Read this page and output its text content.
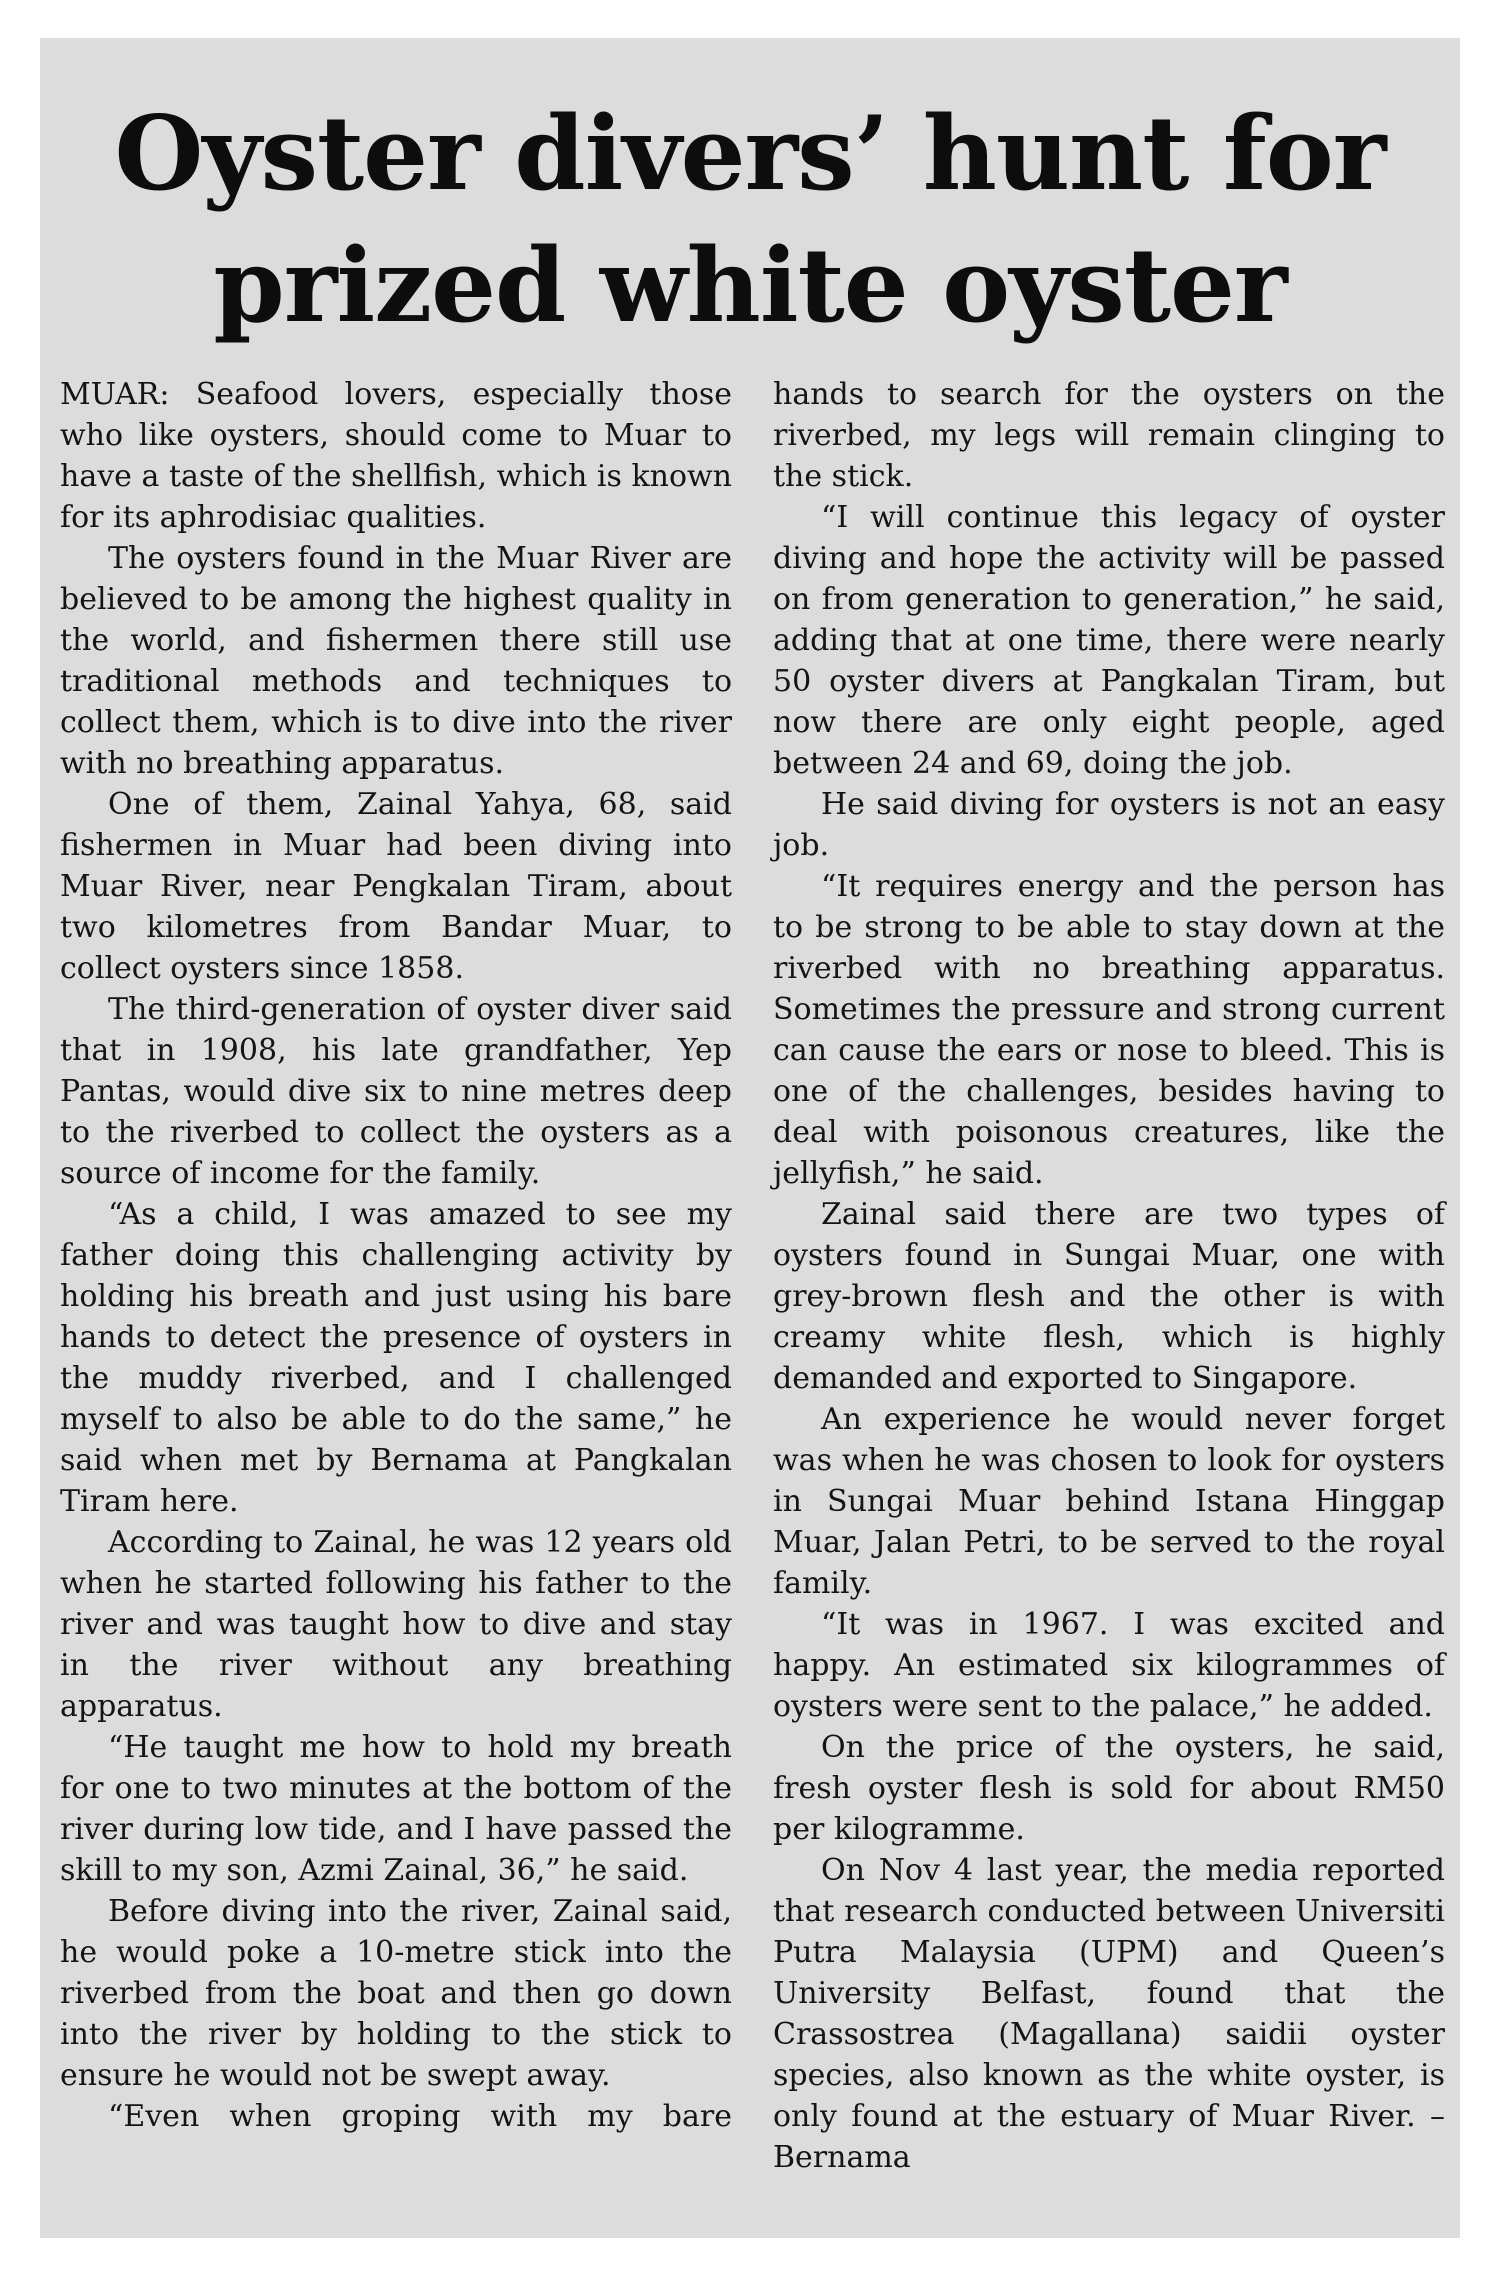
Oyster divers’ hunt for prized white oyster

MUAR: Seafood lovers, especially those who like oysters, should come to Muar to have a taste of the shellfish, which is known for its aphrodisiac qualities.

The oysters found in the Muar River are believed to be among the highest quality in the world, and fishermen there still use traditional methods and techniques to collect them, which is to dive into the river with no breathing apparatus.

One of them, Zainal Yahya, 68, said fishermen in Muar had been diving into Muar River, near Pengkalan Tiram, about two kilometres from Bandar Muar, to collect oysters since 1858.

The third-generation of oyster diver said that in 1908, his late grandfather, Yep Pantas, would dive six to nine metres deep to the riverbed to collect the oysters as a source of income for the family.

“As a child, I was amazed to see my father doing this challenging activity by holding his breath and just using his bare hands to detect the presence of oysters in the muddy riverbed, and I challenged myself to also be able to do the same,” he said when met by Bernama at Pangkalan Tiram here.

According to Zainal, he was 12 years old when he started following his father to the river and was taught how to dive and stay in the river without any breathing apparatus.

“He taught me how to hold my breath for one to two minutes at the bottom of the river during low tide, and I have passed the skill to my son, Azmi Zainal, 36,” he said.

Before diving into the river, Zainal said, he would poke a 10-metre stick into the riverbed from the boat and then go down into the river by holding to the stick to ensure he would not be swept away.

“Even when groping with my bare

hands to search for the oysters on the riverbed, my legs will remain clinging to the stick.

“I will continue this legacy of oyster diving and hope the activity will be passed on from generation to generation,” he said, adding that at one time, there were nearly 50 oyster divers at Pangkalan Tiram, but now there are only eight people, aged between 24 and 69, doing the job.

He said diving for oysters is not an easy job.

“It requires energy and the person has to be strong to be able to stay down at the riverbed with no breathing apparatus. Sometimes the pressure and strong current can cause the ears or nose to bleed. This is one of the challenges, besides having to deal with poisonous creatures, like the jellyfish,” he said.

Zainal said there are two types of oysters found in Sungai Muar, one with grey-brown flesh and the other is with creamy white flesh, which is highly demanded and exported to Singapore.

An experience he would never forget was when he was chosen to look for oysters in Sungai Muar behind Istana Hinggap Muar, Jalan Petri, to be served to the royal family.

“It was in 1967. I was excited and happy. An estimated six kilogrammes of oysters were sent to the palace,” he added.

On the price of the oysters, he said, fresh oyster flesh is sold for about RM50 per kilogramme.

On Nov 4 last year, the media reported that research conducted between Universiti Putra Malaysia (UPM) and Queen’s University Belfast, found that the Crassostrea (Magallana) saidii oyster species, also known as the white oyster, is only found at the estuary of Muar River. – Bernama
